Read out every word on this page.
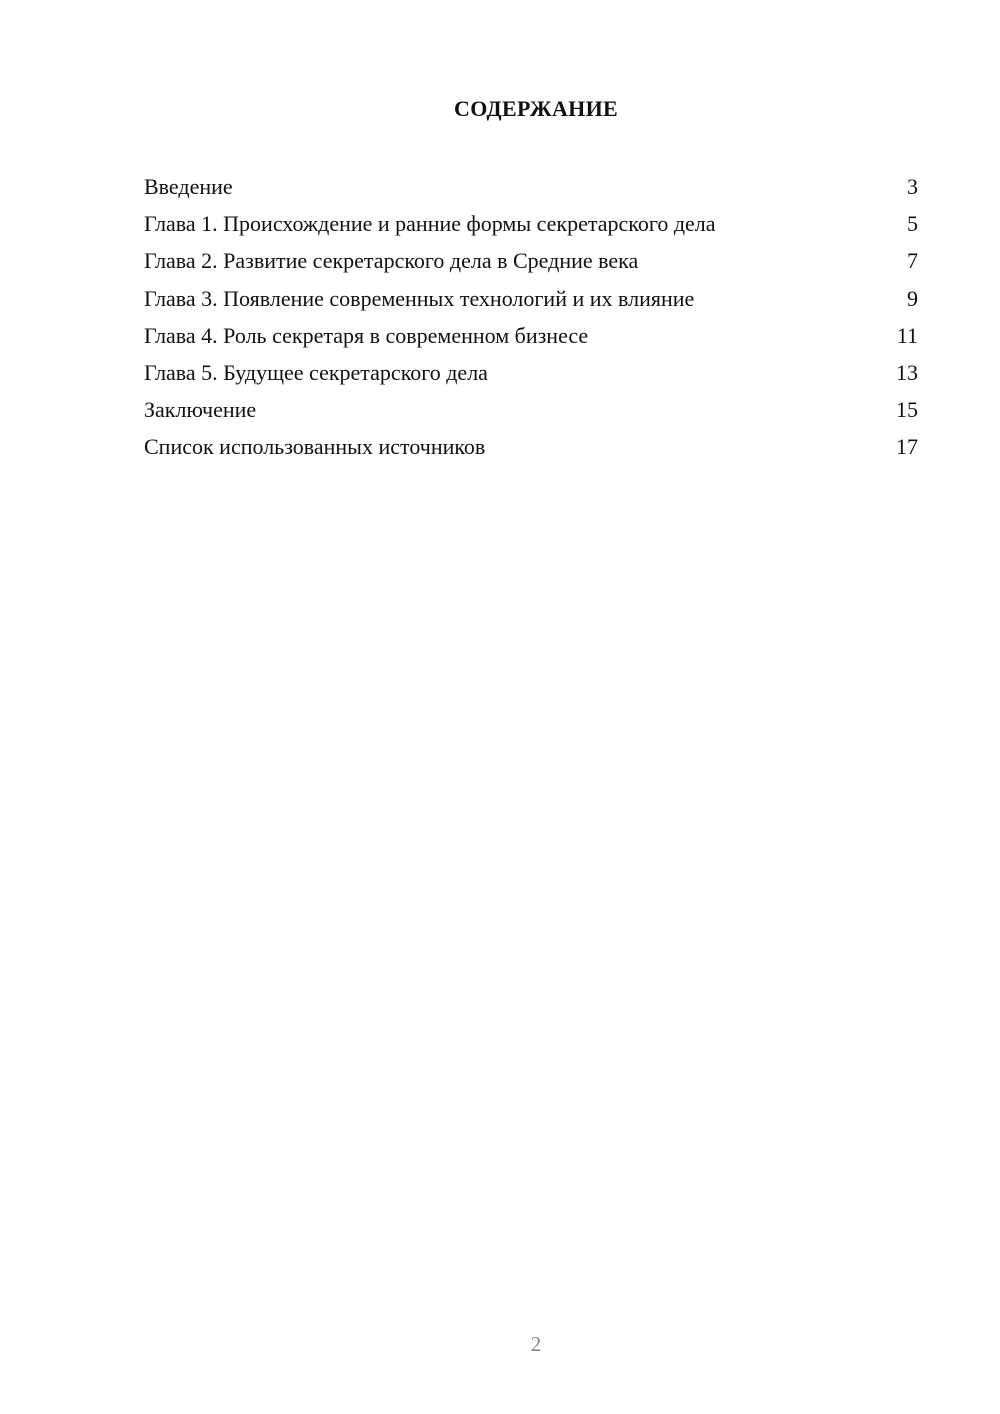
СОДЕРЖАНИЕ
Введение	3
Глава 1. Происхождение и ранние формы секретарского дела	5
Глава 2. Развитие секретарского дела в Средние века	7
Глава 3. Появление современных технологий и их влияние	9
Глава 4. Роль секретаря в современном бизнесе	11
Глава 5. Будущее секретарского дела	13
Заключение	15
Список использованных источников	17
2
